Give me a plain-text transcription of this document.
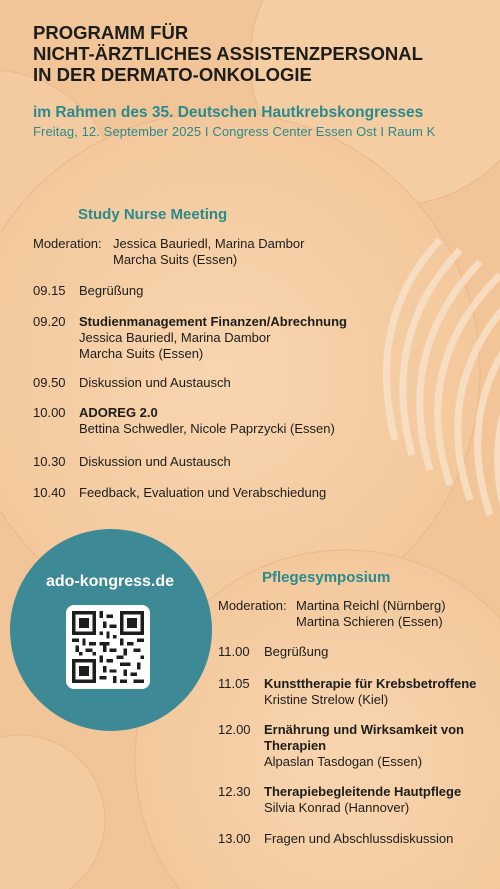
PROGRAMM FÜR
NICHT-ÄRZTLICHES ASSISTENZPERSONAL
IN DER DERMATO-ONKOLOGIE
im Rahmen des 35. Deutschen Hautkrebskongresses
Freitag, 12. September 2025 I Congress Center Essen Ost I Raum K
Study Nurse Meeting
Moderation: Jessica Bauriedl, Marina Dambor
Marcha Suits (Essen)
09.15	Begrüßung
09.20	Studienmanagement Finanzen/Abrechnung
Jessica Bauriedl, Marina Dambor
Marcha Suits (Essen)
09.50	Diskussion und Austausch
10.00	ADOREG 2.0
Bettina Schwedler, Nicole Paprzycki (Essen)
10.30	Diskussion und Austausch
10.40	Feedback, Evaluation und Verabschiedung
ado-kongress.de	Pflegesymposium
Moderation: Martina Reichl (Nürnberg)
Martina Schieren (Essen)
11.00	Begrüßung
11.05	Kunsttherapie für Krebsbetroffene
Kristine Strelow (Kiel)
12.00	Ernährung und Wirksamkeit von
Therapien
Alpaslan Tasdogan (Essen)
12.30	Therapiebegleitende Hautpflege
Silvia Konrad (Hannover)
13.00	Fragen und Abschlussdiskussion
